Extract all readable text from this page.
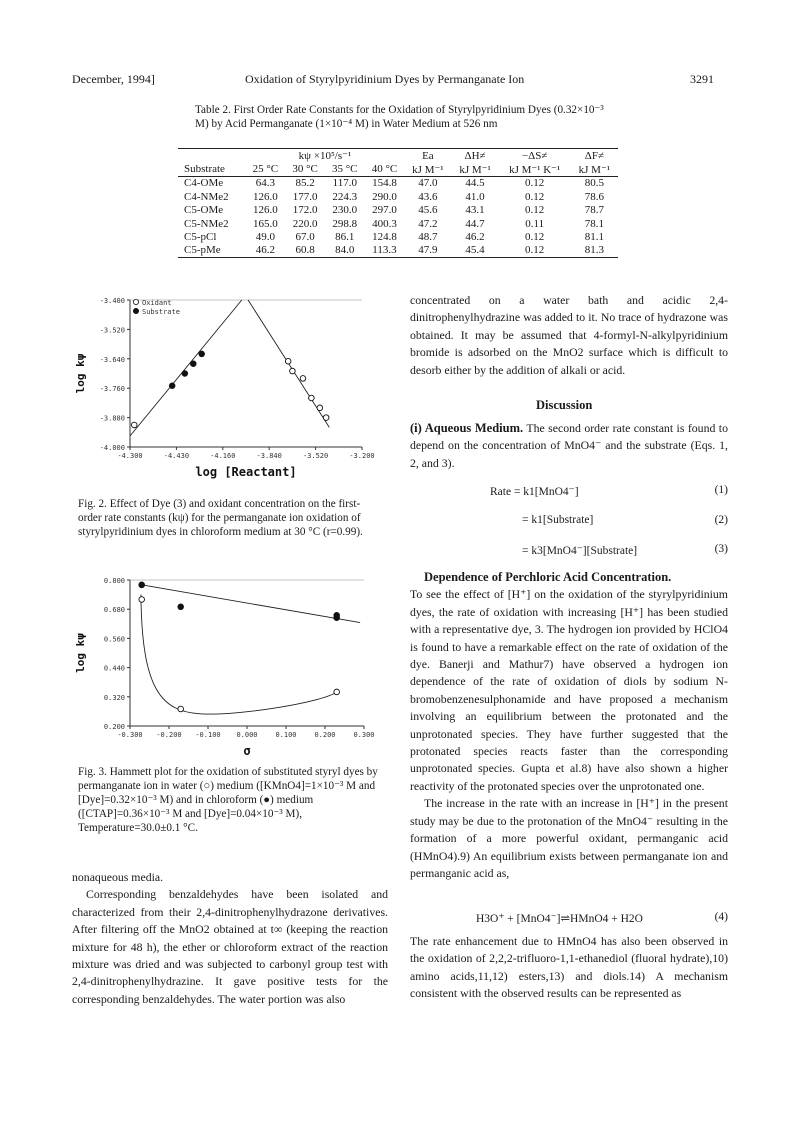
December, 1994]	Oxidation of Styrylpyridinium Dyes by Permanganate Ion	3291
Table 2. First Order Rate Constants for the Oxidation of Styrylpyridinium Dyes (0.32×10⁻³ M) by Acid Permanganate (1×10⁻⁴ M) in Water Medium at 526 nm
	kψ ×10⁵/s⁻¹				Ea	ΔH≠	−ΔS≠	ΔF≠
Substrate	25 °C	30 °C	35 °C	40 °C	kJ M⁻¹	kJ M⁻¹	kJ M⁻¹ K⁻¹	kJ M⁻¹
C4-OMe	64.3	85.2	117.0	154.8	47.0	44.5	0.12	80.5
C4-NMe2	126.0	177.0	224.3	290.0	43.6	41.0	0.12	78.6
C5-OMe	126.0	172.0	230.0	297.0	45.6	43.1	0.12	78.7
C5-NMe2	165.0	220.0	298.8	400.3	47.2	44.7	0.11	78.1
C5-pCl	49.0	67.0	86.1	124.8	48.7	46.2	0.12	81.1
C5-pMe	46.2	60.8	84.0	113.3	47.9	45.4	0.12	81.3

-3.400
-3.520
-3.640
-3.760
-3.880
-4.000
-4.300	-4.430	-4.160	-3.840	-3.520	-3.200
log [Reactant]
log kψ
Oxidant
Substrate
Fig. 2. Effect of Dye (3) and oxidant concentration on the first-order rate constants (kψ) for the permanganate ion oxidation of styrylpyridinium dyes in chloroform medium at 30 °C (r=0.99).
0.800
0.680
0.560
0.440
0.320
0.200
-0.300 -0.200 -0.100 0.000	0.100	0.200	0.300
σ
log kψ
Fig. 3. Hammett plot for the oxidation of substituted styryl dyes by permanganate ion in water (○) medium ([KMnO4]=1×10⁻³ M and [Dye]=0.32×10⁻³ M) and in chloroform (●) medium ([CTAP]=0.36×10⁻³ M and [Dye]=0.04×10⁻³ M), Temperature=30.0±0.1 °C.
nonaqueous media.
Corresponding benzaldehydes have been isolated and characterized from their 2,4-dinitrophenylhydrazone derivatives. After filtering off the MnO2 obtained at t∞ (keeping the reaction mixture for 48 h), the ether or chloroform extract of the reaction mixture was dried and was subjected to carbonyl group test with 2,4-dinitrophenylhydrazine. It gave positive tests for the corresponding benzaldehydes. The water portion was also
concentrated on a water bath and acidic 2,4-dinitrophenylhydrazine was added to it. No trace of hydrazone was obtained. It may be assumed that 4-formyl-N-alkylpyridinium bromide is adsorbed on the MnO2 surface which is difficult to desorb either by the addition of alkali or acid.
Discussion
(i) Aqueous Medium. The second order rate constant is found to depend on the concentration of MnO4⁻ and the substrate (Eqs. 1, 2, and 3).
Rate = k1[MnO4⁻]	(1)
= k1[Substrate]	(2)
= k3[MnO4⁻][Substrate]	(3)
Dependence of Perchloric Acid Concentration.
To see the effect of [H⁺] on the oxidation of the styrylpyridinium dyes, the rate of oxidation with increasing [H⁺] has been studied with a representative dye, 3. The hydrogen ion provided by HClO4 is found to have a remarkable effect on the rate of oxidation of the dye. Banerji and Mathur7) have observed a hydrogen ion dependence of the rate of oxidation of diols by sodium N-bromobenzenesulphonamide and have proposed a mechanism involving an equilibrium between the protonated and the unprotonated species. They have further suggested that the protonated species reacts faster than the corresponding unprotonated species. Gupta et al.8) have also shown a higher reactivity of the protonated species over the unprotonated one.
The increase in the rate with an increase in [H⁺] in the present study may be due to the protonation of the MnO4⁻ resulting in the formation of a more powerful oxidant, permanganic acid (HMnO4).9) An equilibrium exists between permanganate ion and permanganic acid as,
H3O⁺ + [MnO4⁻]⇌HMnO4 + H2O	(4)
The rate enhancement due to HMnO4 has also been observed in the oxidation of 2,2,2-trifluoro-1,1-ethanediol (fluoral hydrate),10) amino acids,11,12) esters,13) and diols.14) A mechanism consistent with the observed results can be represented as
